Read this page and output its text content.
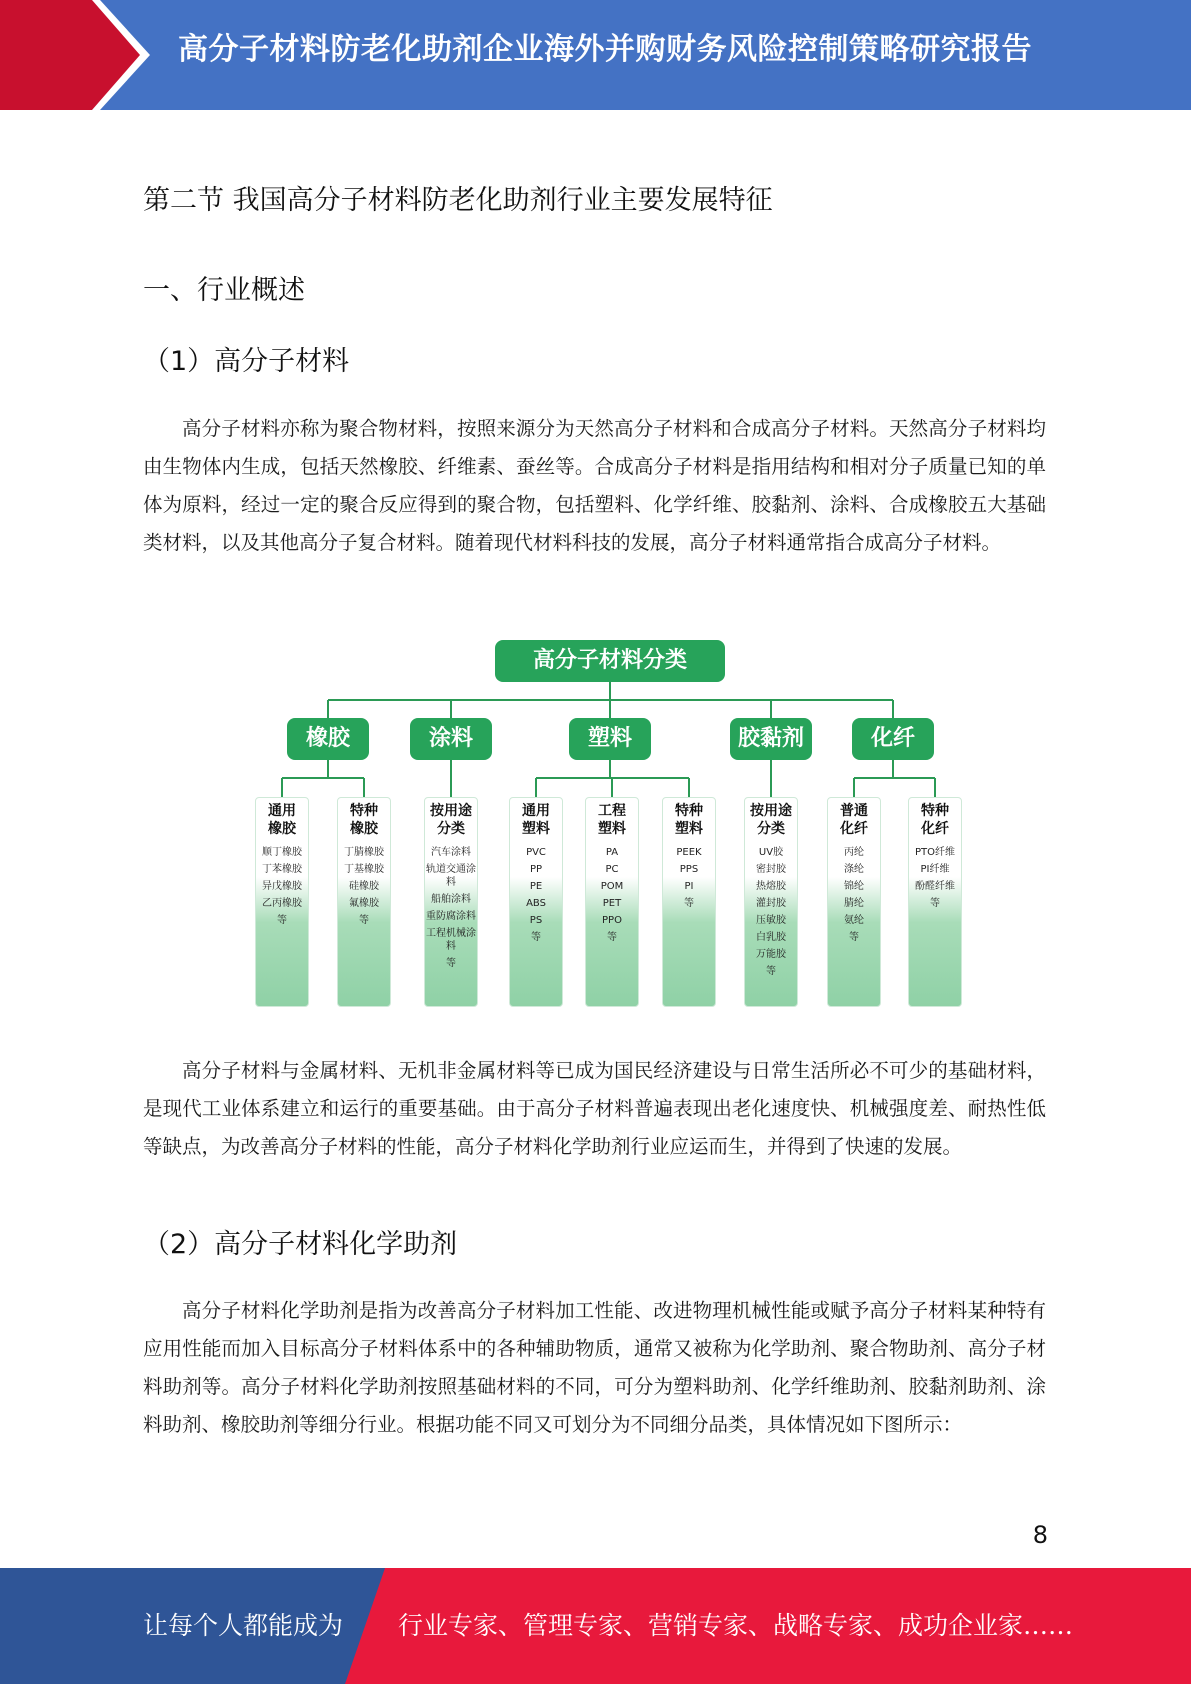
高分子材料防老化助剂企业海外并购财务风险控制策略研究报告
第二节 我国高分子材料防老化助剂行业主要发展特征
一、行业概述
（1）高分子材料
高分子材料亦称为聚合物材料，按照来源分为天然高分子材料和合成高分子材料。天然高分子材料均由生物体内生成，包括天然橡胶、纤维素、蚕丝等。合成高分子材料是指用结构和相对分子质量已知的单体为原料，经过一定的聚合反应得到的聚合物，包括塑料、化学纤维、胶黏剂、涂料、合成橡胶五大基础类材料，以及其他高分子复合材料。随着现代材料科技的发展，高分子材料通常指合成高分子材料。
高分子材料分类
橡胶	涂料	塑料	胶黏剂	化纤
通用
橡胶
顺丁橡胶
丁苯橡胶
异戊橡胶
乙丙橡胶
等
特种
橡胶
丁腈橡胶
丁基橡胶
硅橡胶
氟橡胶
等
按用途
分类
汽车涂料
轨道交通涂料
船舶涂料
重防腐涂料
工程机械涂料
等
通用
塑料
PVC
PP
PE
ABS
PS
等
工程
塑料
PA
PC
POM
PET
PPO
等
特种
塑料
PEEK
PPS
PI
等
按用途
分类
UV胶
密封胶
热熔胶
灌封胶
压敏胶
白乳胶
万能胶
等
普通
化纤
丙纶
涤纶
锦纶
腈纶
氨纶
等
特种
化纤
PTO纤维
PI纤维
酚醛纤维
等
高分子材料与金属材料、无机非金属材料等已成为国民经济建设与日常生活所必不可少的基础材料，是现代工业体系建立和运行的重要基础。由于高分子材料普遍表现出老化速度快、机械强度差、耐热性低等缺点，为改善高分子材料的性能，高分子材料化学助剂行业应运而生，并得到了快速的发展。
（2）高分子材料化学助剂
高分子材料化学助剂是指为改善高分子材料加工性能、改进物理机械性能或赋予高分子材料某种特有应用性能而加入目标高分子材料体系中的各种辅助物质，通常又被称为化学助剂、聚合物助剂、高分子材料助剂等。高分子材料化学助剂按照基础材料的不同，可分为塑料助剂、化学纤维助剂、胶黏剂助剂、涂料助剂、橡胶助剂等细分行业。根据功能不同又可划分为不同细分品类，具体情况如下图所示：
8
让每个人都能成为 行业专家、管理专家、营销专家、战略专家、成功企业家……
